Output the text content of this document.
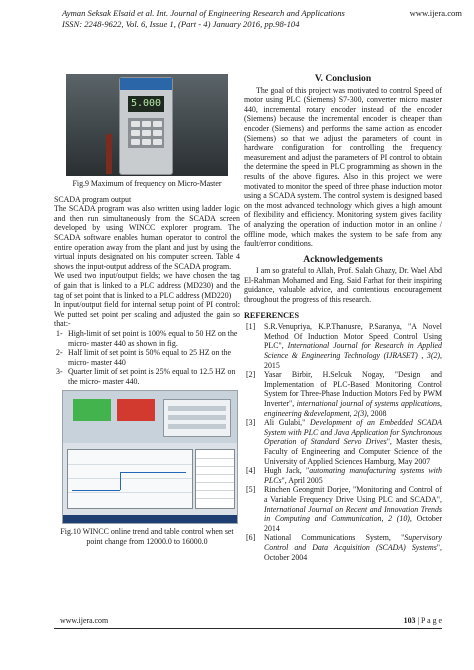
Ayman Seksak Elsaid et al. Int. Journal of Engineering Research and Applications	www.ijera.com
ISSN: 2248-9622, Vol. 6, Issue 1, (Part - 4) January 2016, pp.98-104
5.000

Fig.9 Maximum of frequency on Micro-Master

SCADA program output

The SCADA program was also written using ladder logic and then run simultaneously from the SCADA screen developed by using WINCC explorer program. The SCADA software enables human operator to control the entire operation away from the plant and just by using the virtual inputs designated on his computer screen. Table 4 shows the input-output address of the SCADA program.

We used two input/output fields; we have chosen the tag of gain that is linked to a PLC address (MD230) and the tag of set point that is linked to a PLC address (MD220)

In input/output field for internal setup point of PI control: We putted set point per scaling and adjusted the gain so that:-

1- High-limit of set point is 100% equal to 50 HZ on the micro- master 440 as shown in fig.
2- Half limit of set point is 50% equal to 25 HZ on the micro- master 440
3- Quarter limit of set point is 25% equal to 12.5 HZ on the micro- master 440.

Fig.10 WINCC online trend and table control when set point change from 12000.0 to 16000.0

V. Conclusion

The goal of this project was motivated to control Speed of motor using PLC (Siemens) S7-300, converter micro master 440, incremental rotary encoder instead of the encoder (Siemens) because the incremental encoder is cheaper than encoder (Siemens) and performs the same action as encoder (Siemens) so that we adjust the parameters of count in hardware configuration for controlling the frequency measurement and adjust the parameters of PI control to obtain the determine the speed in PLC programming as shown in the results of the above figures. Also in this project we were motivated to monitor the speed of three phase induction motor using a SCADA system. The control system is designed based on the most advanced technology which gives a high amount of flexibility and efficiency. Monitoring system gives facility of analyzing the operation of induction motor in an online / offline mode, which makes the system to be safe from any fault/error conditions.

Acknowledgements

I am so grateful to Allah, Prof. Salah Ghazy, Dr. Wael Abd El-Rahman Mohamed and Eng. Said Farhat for their inspiring guidance, valuable advice, and contentious encouragement throughout the progress of this research.

REFERENCES
[1] S.R.Venupriya, K.P.Thanusre, P.Saranya, "A Novel Method Of Induction Motor Speed Control Using PLC", International Journal for Research in Applied Science & Engineering Technology (IJRASET) , 3(2), 2015
[2] Yasar Birbir, H.Selcuk Nogay, "Design and Implementation of PLC-Based Monitoring Control System for Three-Phase Induction Motors Fed by PWM Inverter", international journal of systems applications, engineering &development, 2(3), 2008
[3] Ali Gulabi," Development of an Embedded SCADA System with PLC and Java Application for Synchronous Operation of Standard Servo Drives", Master thesis, Faculty of Engineering and Computer Science of the University of Applied Sciences Hamburg, May 2007
[4] Hugh Jack, "automating manufacturing systems with PLCs", April 2005
[5] Rinchen Geongmit Dorjee, "Monitoring and Control of a Variable Frequency Drive Using PLC and SCADA", International Journal on Recent and Innovation Trends in Computing and Communication, 2 (10), October 2014
[6] National Communications System, "Supervisory Control and Data Acquisition (SCADA) Systems", October 2004
www.ijera.com	103 | P a g e
